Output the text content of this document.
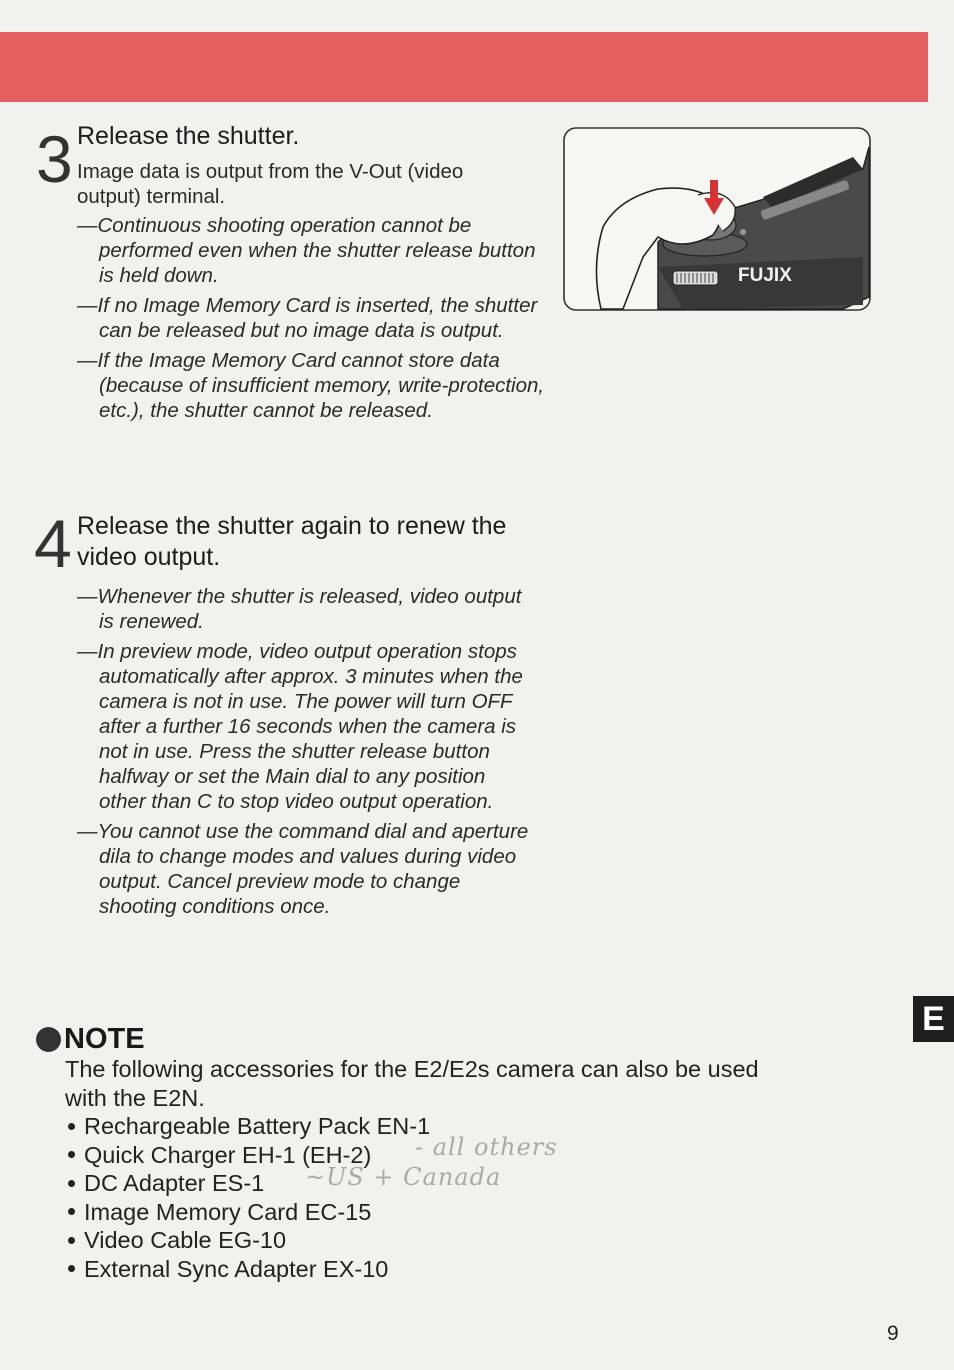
3 Release the shutter.
Image data is output from the V-Out (video output) terminal.
—Continuous shooting operation cannot be performed even when the shutter release button is held down.
—If no Image Memory Card is inserted, the shutter can be released but no image data is output.
—If the Image Memory Card cannot store data (because of insufficient memory, write-protection, etc.), the shutter cannot be released.
FUJIX
4 Release the shutter again to renew the video output.
—Whenever the shutter is released, video output is renewed.
—In preview mode, video output operation stops automatically after approx. 3 minutes when the camera is not in use. The power will turn OFF after a further 16 seconds when the camera is not in use. Press the shutter release button halfway or set the Main dial to any position other than C to stop video output operation.
—You cannot use the command dial and aperture dila to change modes and values during video output. Cancel preview mode to change shooting conditions once.
NOTE
The following accessories for the E2/E2s camera can also be used with the E2N.
Rechargeable Battery Pack EN-1
Quick Charger EH-1 (EH-2)
DC Adapter ES-1
Image Memory Card EC-15
Video Cable EG-10
External Sync Adapter EX-10
- all others
~US + Canada
E
9
